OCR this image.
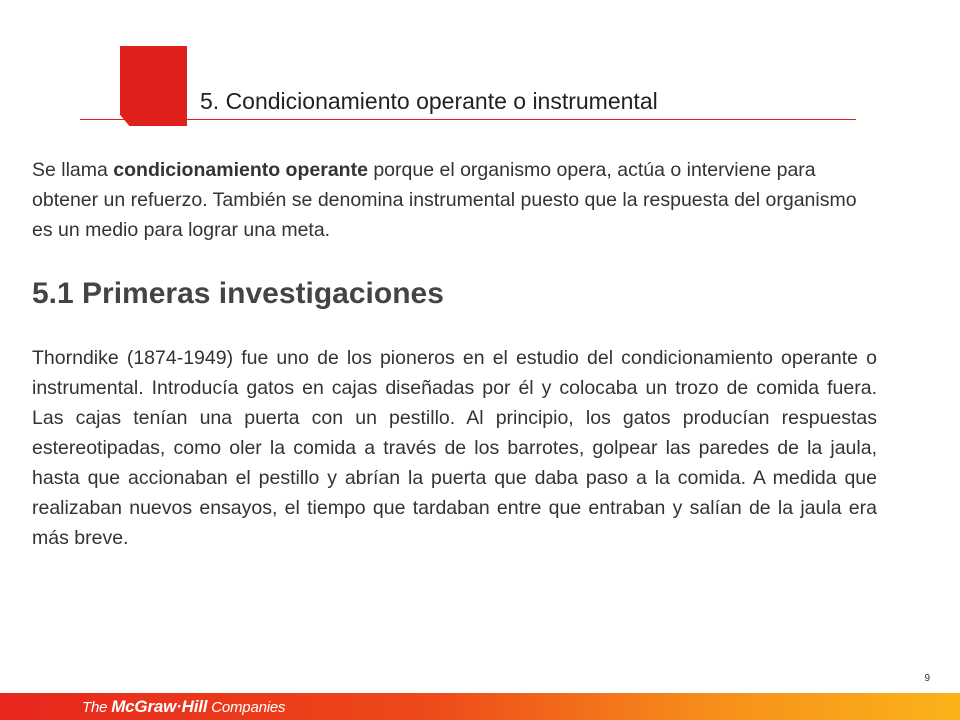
5. Condicionamiento operante o instrumental
Se llama condicionamiento operante porque el organismo opera, actúa o interviene para obtener un refuerzo. También se denomina instrumental puesto que la respuesta del organismo es un medio para lograr una meta.
5.1 Primeras investigaciones
Thorndike (1874-1949) fue uno de los pioneros en el estudio del condicionamiento operante o instrumental. Introducía gatos en cajas diseñadas por él y colocaba un trozo de comida fuera. Las cajas tenían una puerta con un pestillo. Al principio, los gatos producían respuestas estereotipadas, como oler la comida a través de los barrotes, golpear las paredes de la jaula, hasta que accionaban el pestillo y abrían la puerta que daba paso a la comida. A medida que realizaban nuevos ensayos, el tiempo que tardaban entre que entraban y salían de la jaula era más breve.
9
The McGraw·Hill Companies
